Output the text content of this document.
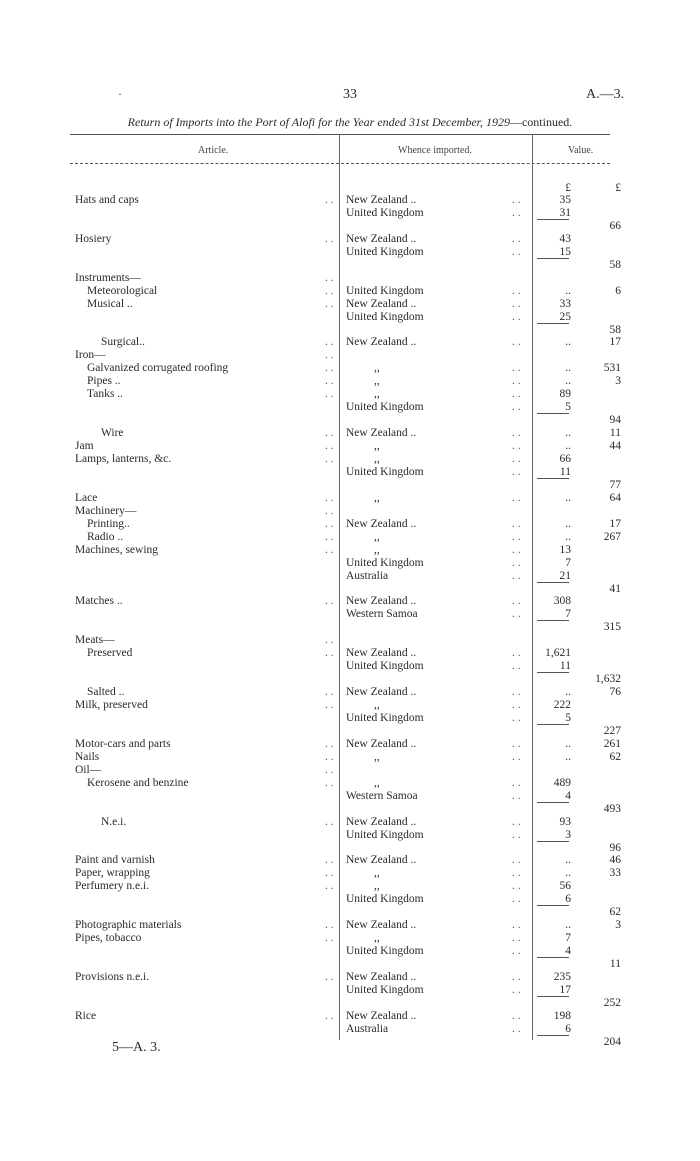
·	33	A.—3.
Return of Imports into the Port of Alofi for the Year ended 31st December, 1929—continued.
Article.	Whence imported.	Value.
£	£
Hats and caps	. . New Zealand ..	. .	35
United Kingdom	. .	31
66
Hosiery	. . New Zealand ..	. .	43
United Kingdom	. .	15
58
Instruments—	. .
Meteorological	. . United Kingdom	. .	..	6
Musical ..	. . New Zealand ..	. .	33
United Kingdom	. .	25
58
Surgical..	. . New Zealand ..	. .	..	17
Iron—	. .
Galvanized corrugated roofing	. .	,,	. .	..	531
Pipes ..	. .	,,	. .	..	3
Tanks ..	. .	,,	. .	89
United Kingdom	. .	5
94
Wire	. . New Zealand ..	. .	..	11
Jam	. .	,,	. .	..	44
Lamps, lanterns, &c.	. .	,,	. .	66
United Kingdom	. .	11
77
Lace	. .	,,	. .	..	64
Machinery—	. .
Printing..	. . New Zealand ..	. .	..	17
Radio ..	. .	,,	. .	..	267
Machines, sewing	. .	,,	. .	13
United Kingdom	. .	7
Australia	. .	21
41
Matches ..	. . New Zealand ..	. .	308
Western Samoa	. .	7
315
Meats—	. .
Preserved	. . New Zealand ..	. . 1,621
United Kingdom	. .	11
1,632
Salted ..	. . New Zealand ..	. .	..	76
Milk, preserved	. .	,,	. .	222
United Kingdom	. .	5
227
Motor-cars and parts	. . New Zealand ..	. .	..	261
Nails	. .	,,	. .	..	62
Oil—	. .
Kerosene and benzine	. .	,,	. .	489
Western Samoa	. .	4
493
N.e.i.	. . New Zealand ..	. .	93
United Kingdom	. .	3
96
Paint and varnish	. . New Zealand ..	. .	..	46
Paper, wrapping	. .	,,	. .	..	33
Perfumery n.e.i.	. .	,,	. .	56
United Kingdom	. .	6
62
Photographic materials	. . New Zealand ..	. .	..	3
Pipes, tobacco	. .	,,	. .	7
United Kingdom	. .	4
11
Provisions n.e.i.	. . New Zealand ..	. .	235
United Kingdom	. .	17
252
Rice	. . New Zealand ..	. .	198
Australia	. .	6
204
5—A. 3.
